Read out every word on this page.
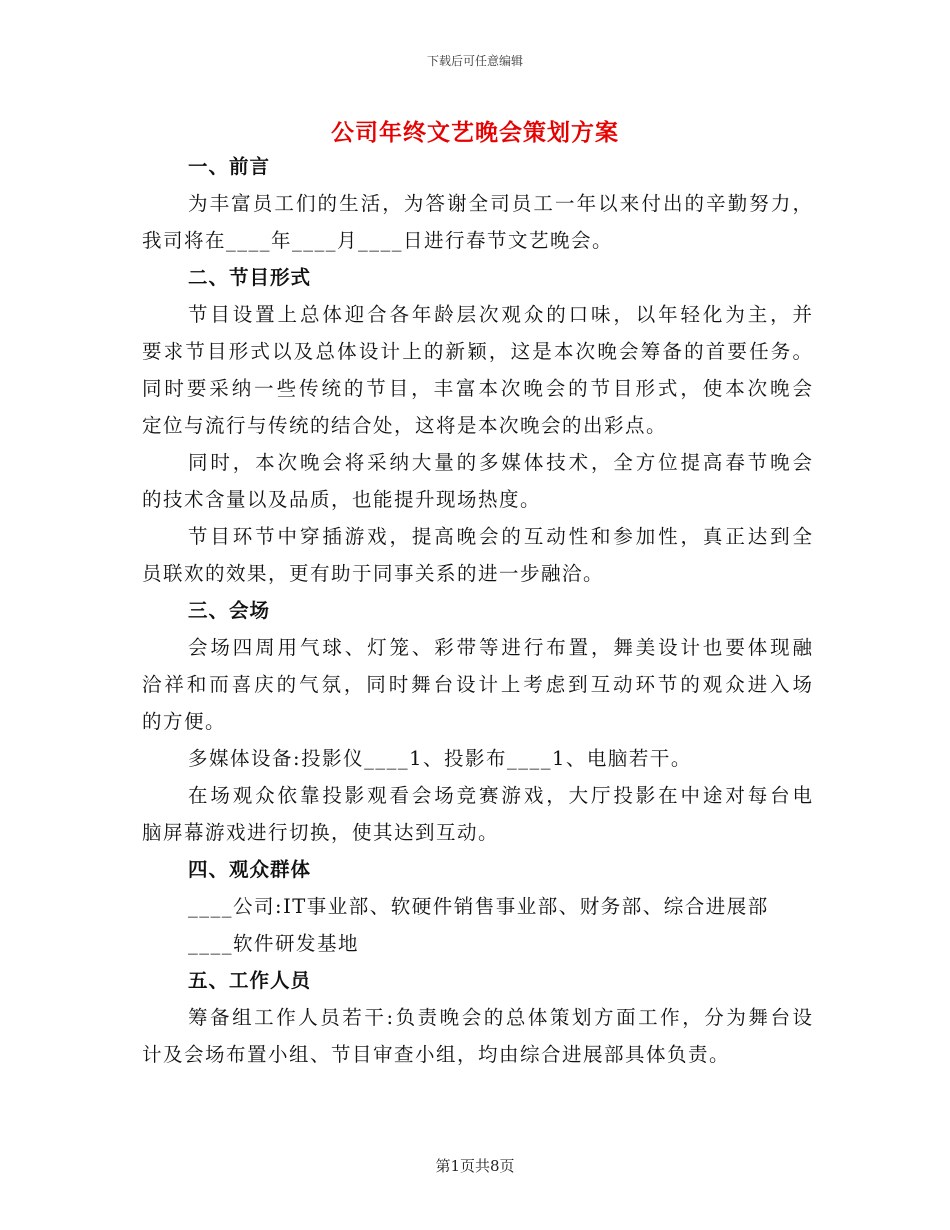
下载后可任意编辑
公司年终文艺晚会策划方案
一、前言
为丰富员工们的生活，为答谢全司员工一年以来付出的辛勤努力，
我司将在____年____月____日进行春节文艺晚会。
二、节目形式
节目设置上总体迎合各年龄层次观众的口味，以年轻化为主，并
要求节目形式以及总体设计上的新颖，这是本次晚会筹备的首要任务。
同时要采纳一些传统的节目，丰富本次晚会的节目形式，使本次晚会
定位与流行与传统的结合处，这将是本次晚会的出彩点。
同时，本次晚会将采纳大量的多媒体技术，全方位提高春节晚会
的技术含量以及品质，也能提升现场热度。
节目环节中穿插游戏，提高晚会的互动性和参加性，真正达到全
员联欢的效果，更有助于同事关系的进一步融洽。
三、会场
会场四周用气球、灯笼、彩带等进行布置，舞美设计也要体现融
洽祥和而喜庆的气氛，同时舞台设计上考虑到互动环节的观众进入场
的方便。
多媒体设备:投影仪____1、投影布____1、电脑若干。
在场观众依靠投影观看会场竞赛游戏，大厅投影在中途对每台电
脑屏幕游戏进行切换，使其达到互动。
四、观众群体
____公司:IT事业部、软硬件销售事业部、财务部、综合进展部
____软件研发基地
五、工作人员
筹备组工作人员若干:负责晚会的总体策划方面工作，分为舞台设
计及会场布置小组、节目审查小组，均由综合进展部具体负责。
第1页共8页
